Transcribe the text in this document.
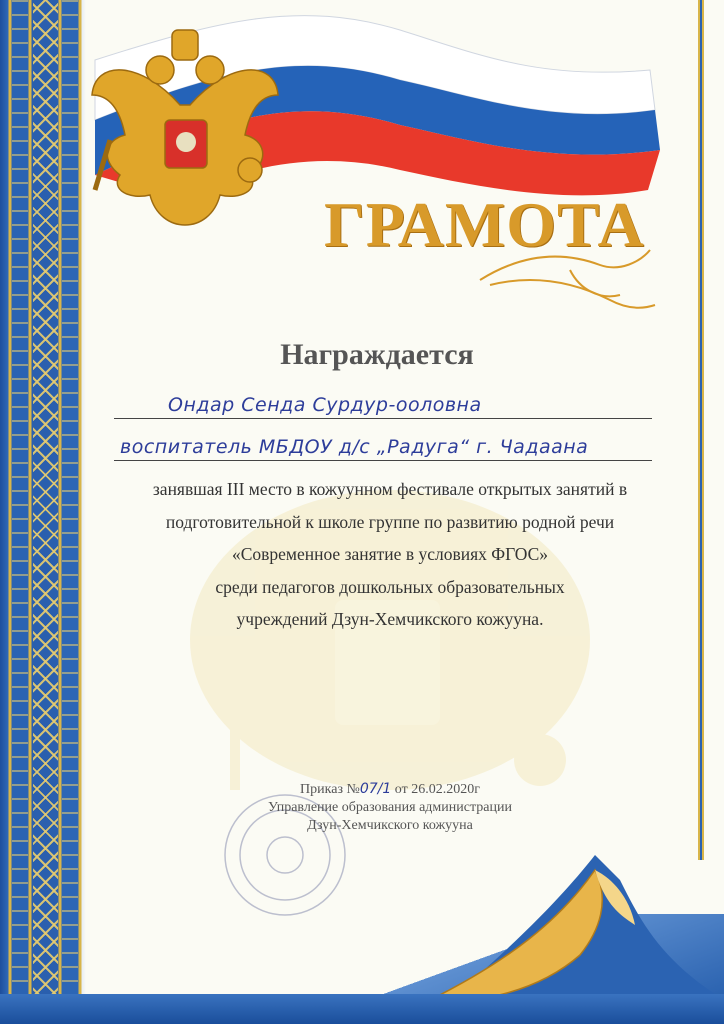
ГРАМОТА
Награждается
Ондар Сенда Сурдур-ооловна
воспитатель МБДОУ д/с „Радуга“ г. Чадаана
занявшая III место в кожуунном фестивале открытых занятий в
подготовительной к школе группе по развитию родной речи
«Современное занятие в условиях ФГОС»
среди педагогов дошкольных образовательных
учреждений Дзун-Хемчикского кожууна.
Приказ №07/1 от 26.02.2020г
Управление образования администрации
Дзун-Хемчикского кожууна
